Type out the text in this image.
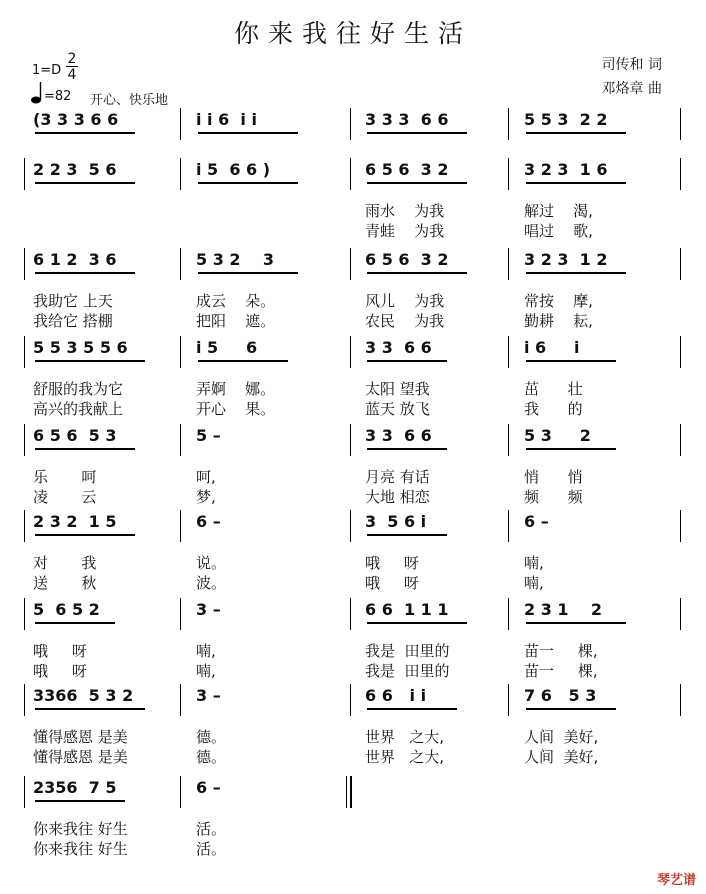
你来我往好生活
司传和 词
邓烙章 曲
1=D
2
4
=82 开心、快乐地
(3 3 3 6 6	i i 6  i i	3 3 3  6 6	5 5 3  2 2
2 2 3  5 6	i 5  6 6 )	6 5 6  3 2
雨水    为我
青蛙    为我
3 2 3  1 6
解过    渴,
唱过    歌,
6 1 2  3 6
我助它 上天
我给它 搭棚
5 3 2    3
成云    朵。
把阳    遮。
6 5 6  3 2
风儿    为我
农民    为我
3 2 3  1 2
常按    摩,
勤耕    耘,
5 5 3 5 5 6
舒服的我为它
高兴的我献上
i 5     6
弄婀    娜。
开心    果。
3 3  6 6
太阳 望我
蓝天 放飞
i 6     i
茁      壮
我      的
6 5 6  5 3
乐       呵
凌       云
5 –
呵,
梦,
3 3  6 6
月亮 有话
大地 相恋
5 3     2
悄      悄
频      频
2 3 2  1 5
对       我
送       秋
6 –
说。
波。
3  5 6 i
哦     呀
哦     呀
6 –
喃,
喃,
5  6 5 2
哦     呀
哦     呀
3 –
喃,
喃,
6 6  1 1 1
我是  田里的
我是  田里的
2 3 1    2
苗一     棵,
苗一     棵,
3366  5 3 2
懂得感恩 是美
懂得感恩 是美
3 –
德。
德。
6 6   i i
世界   之大,
世界   之大,
7 6   5 3
人间  美好,
人间  美好,
2356  7 5
你来我往 好生
你来我往 好生
6 –
活。
活。
琴艺谱
